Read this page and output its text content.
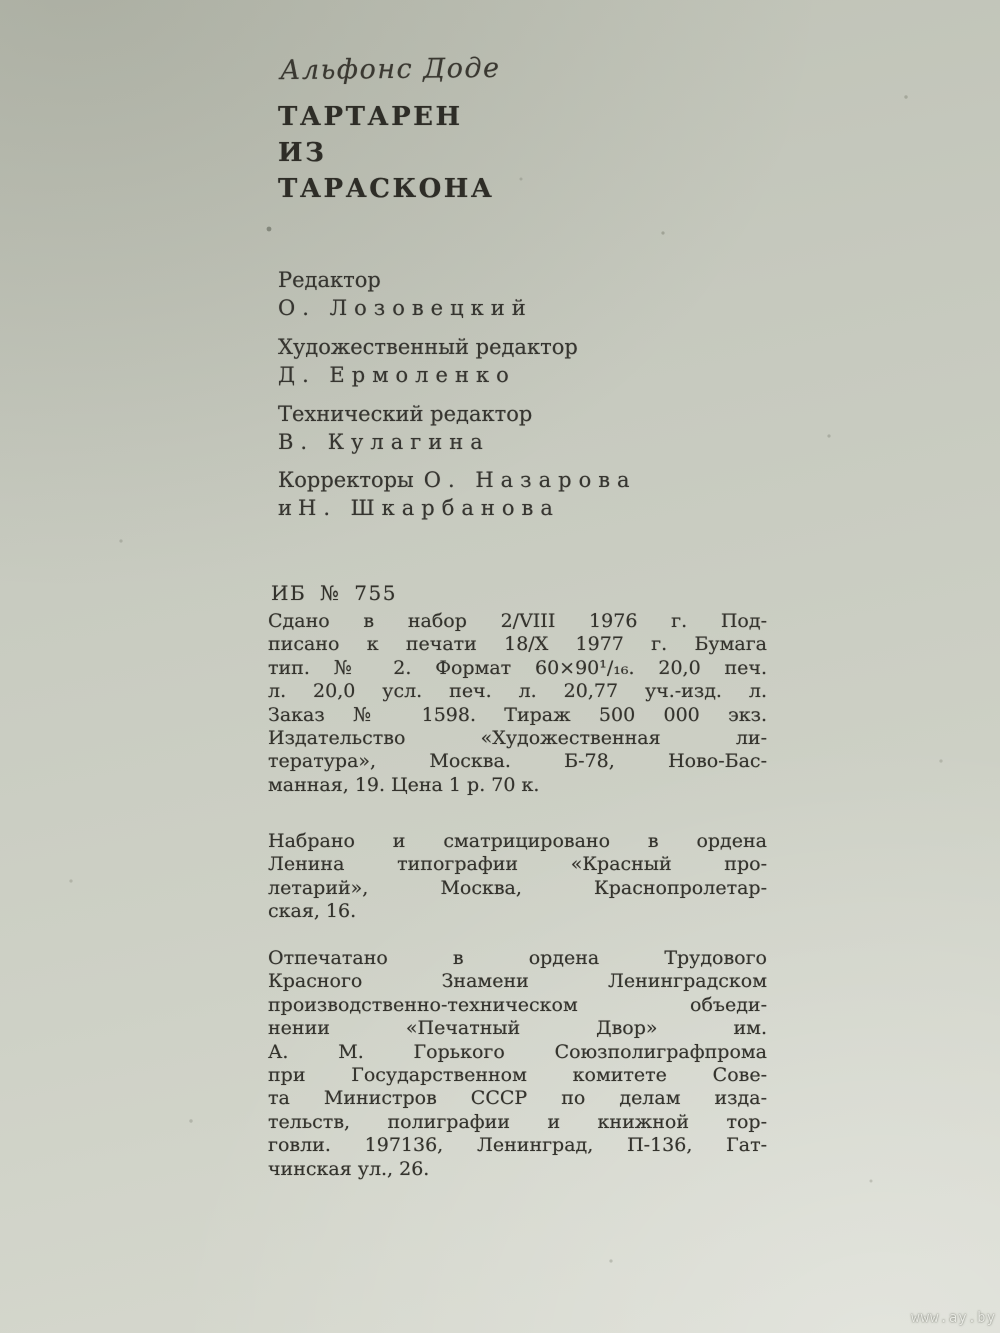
Альфонс Доде
ТАРТАРЕН
ИЗ
ТАРАСКОНА
Редактор
О. Лозовецкий
Художественный редактор
Д. Ермоленко
Технический редактор
В. Кулагина
Корректоры О. Назарова
и Н. Шкарбанова
ИБ № 755
Сдано в набор 2/VIII 1976 г. Под-
писано к печати 18/X 1977 г. Бумага
тип. № 2. Формат 60×90¹/₁₆. 20,0 печ.
л. 20,0 усл. печ. л. 20,77 уч.-изд. л.
Заказ № 1598. Тираж 500 000 экз.
Издательство «Художественная ли-
тература», Москва. Б-78, Ново-Бас-
манная, 19. Цена 1 р. 70 к.
Набрано и сматрицировано в ордена
Ленина типографии «Красный про-
летарий», Москва, Краснопролетар-
ская, 16.
Отпечатано в ордена Трудового
Красного Знамени Ленинградском
производственно-техническом объеди-
нении «Печатный Двор» им.
А. М. Горького Союзполиграфпрома
при Государственном комитете Сове-
та Министров СССР по делам изда-
тельств, полиграфии и книжной тор-
говли. 197136, Ленинград, П-136, Гат-
чинская ул., 26.
www.ay.by
